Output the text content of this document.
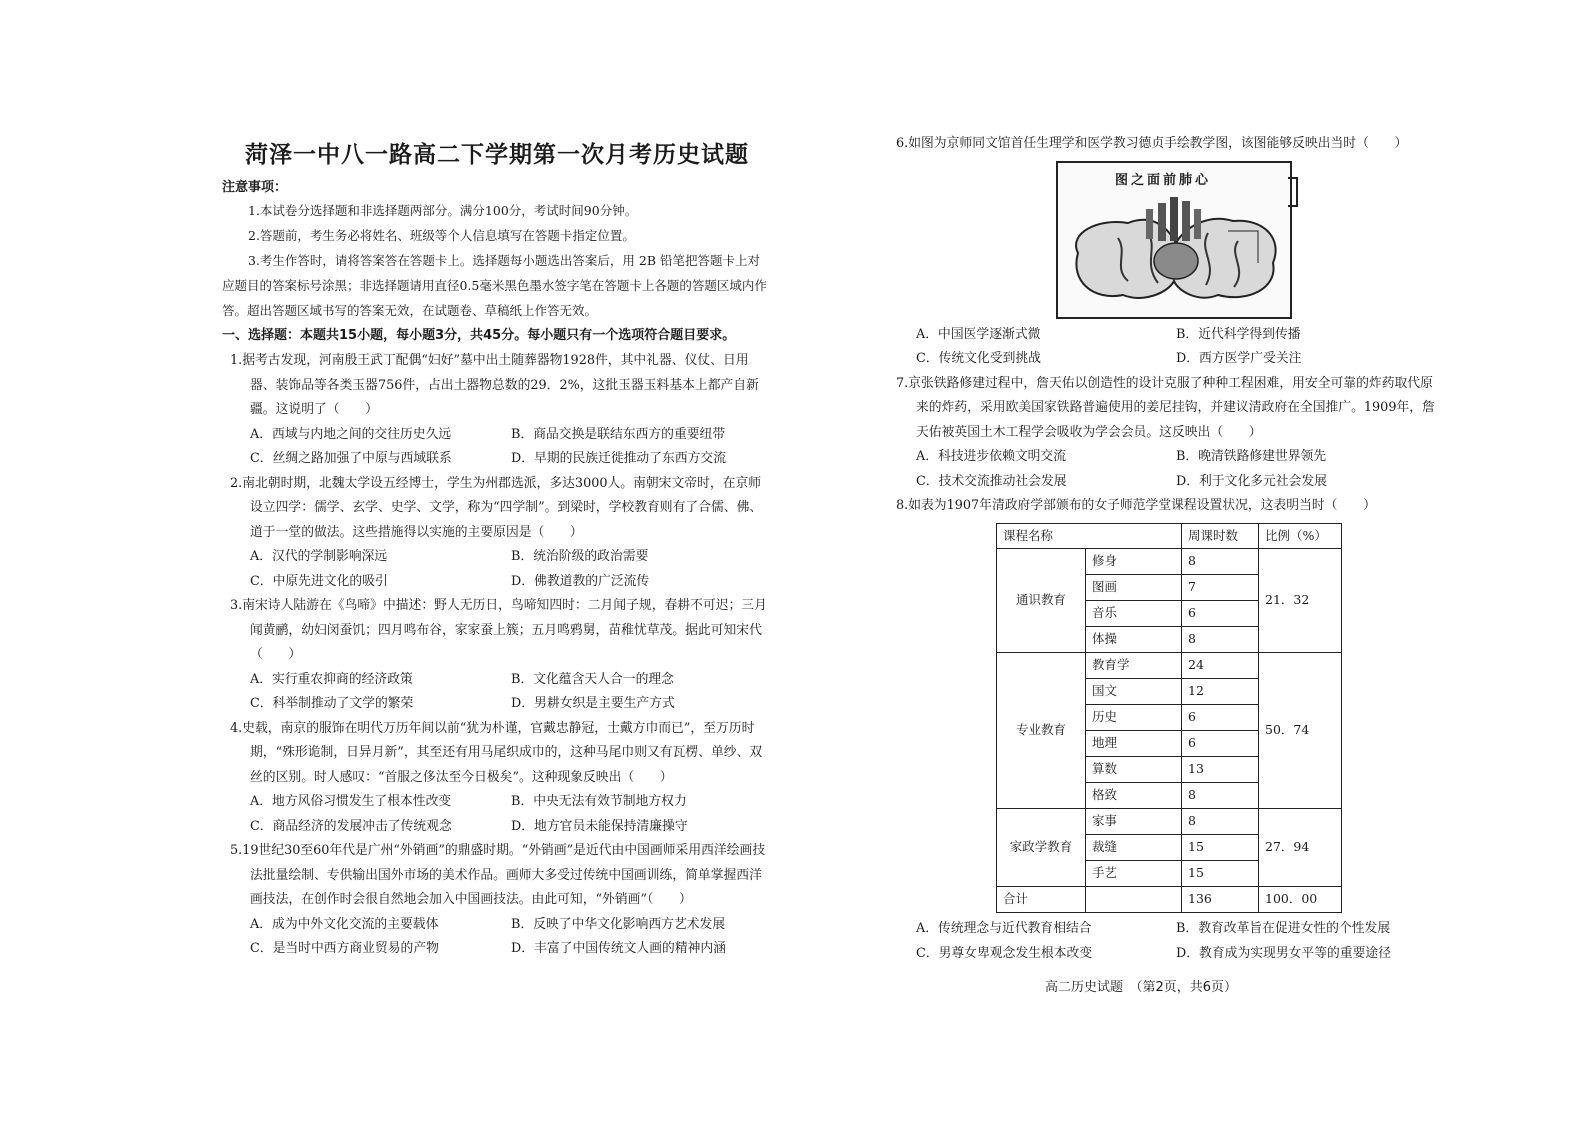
菏泽一中八一路高二下学期第一次月考历史试题
注意事项：
1.本试卷分选择题和非选择题两部分。满分100分，考试时间90分钟。
2.答题前，考生务必将姓名、班级等个人信息填写在答题卡指定位置。
3.考生作答时，请将答案答在答题卡上。选择题每小题选出答案后，用 2B 铅笔把答题卡上对应题目的答案标号涂黑；非选择题请用直径0.5毫米黑色墨水签字笔在答题卡上各题的答题区域内作答。超出答题区域书写的答案无效，在试题卷、草稿纸上作答无效。
一、选择题：本题共15小题，每小题3分，共45分。每小题只有一个选项符合题目要求。
1.据考古发现，河南殷王武丁配偶“妇好”墓中出土随葬器物1928件，其中礼器、仪仗、日用器、装饰品等各类玉器756件，占出土器物总数的29．2%，这批玉器玉料基本上都产自新疆。这说明了（　　）
A．西域与内地之间的交往历史久远	B．商品交换是联结东西方的重要纽带
C．丝绸之路加强了中原与西域联系	D．早期的民族迁徙推动了东西方交流
2.南北朝时期，北魏太学设五经博士，学生为州郡选派，多达3000人。南朝宋文帝时，在京师设立四学：儒学、玄学、史学、文学，称为“四学制”。到梁时，学校教育则有了合儒、佛、道于一堂的做法。这些措施得以实施的主要原因是（　　）
A．汉代的学制影响深远	B．统治阶级的政治需要
C．中原先进文化的吸引	D．佛教道教的广泛流传
3.南宋诗人陆游在《鸟啼》中描述：野人无历日，鸟啼知四时：二月闻子规，春耕不可迟；三月闻黄鹂，幼妇闵蚕饥；四月鸣布谷，家家蚕上簇；五月鸣鸦舅，苗稚忧草茂。据此可知宋代（　　）
A．实行重农抑商的经济政策	B．文化蕴含天人合一的理念
C．科举制推动了文学的繁荣	D．男耕女织是主要生产方式
4.史载，南京的服饰在明代万历年间以前“犹为朴谨，官戴忠静冠，士戴方巾而已”，至万历时期，“殊形诡制，日异月新”，其至还有用马尾织成巾的，这种马尾巾则又有瓦楞、单纱、双丝的区别。时人感叹：“首服之侈汰至今日极矣”。这种现象反映出（　　）
A．地方风俗习惯发生了根本性改变	B．中央无法有效节制地方权力
C．商品经济的发展冲击了传统观念	D．地方官员未能保持清廉操守
5.19世纪30至60年代是广州“外销画”的鼎盛时期。“外销画”是近代由中国画师采用西洋绘画技法批量绘制、专供输出国外市场的美术作品。画师大多受过传统中国画训练，简单掌握西洋画技法，在创作时会很自然地会加入中国画技法。由此可知，“外销画”（　　）
A．成为中外文化交流的主要载体	B．反映了中华文化影响西方艺术发展
C．是当时中西方商业贸易的产物	D．丰富了中国传统文人画的精神内涵
6.如图为京师同文馆首任生理学和医学教习德贞手绘教学图，该图能够反映出当时（　　）
图之面前肺心
A．中国医学逐渐式微	B．近代科学得到传播
C．传统文化受到挑战	D．西方医学广受关注
7.京张铁路修建过程中，詹天佑以创造性的设计克服了种种工程困难，用安全可靠的炸药取代原来的炸药，采用欧美国家铁路普遍使用的姜尼挂钩，并建议清政府在全国推广。1909年，詹天佑被英国土木工程学会吸收为学会会员。这反映出（　　）
A．科技进步依赖文明交流	B．晚清铁路修建世界领先
C．技术交流推动社会发展	D．利于文化多元社会发展
8.如表为1907年清政府学部颁布的女子师范学堂课程设置状况，这表明当时（　　）
课程名称		周课时数	比例（%）
通识教育	修身	8	21．32
	图画	7	
	音乐	6	
	体操	8	
专业教育	教育学	24	50．74
	国文	12	
	历史	6	
	地理	6	
	算数	13	
	格致	8	
家政学教育	家事	8	27．94
	裁缝	15	
	手艺	15	
合计		136	100．00
A．传统理念与近代教育相结合	B．教育改革旨在促进女性的个性发展
C．男尊女卑观念发生根本改变	D．教育成为实现男女平等的重要途径
高二历史试题　（第2页，共6页）
